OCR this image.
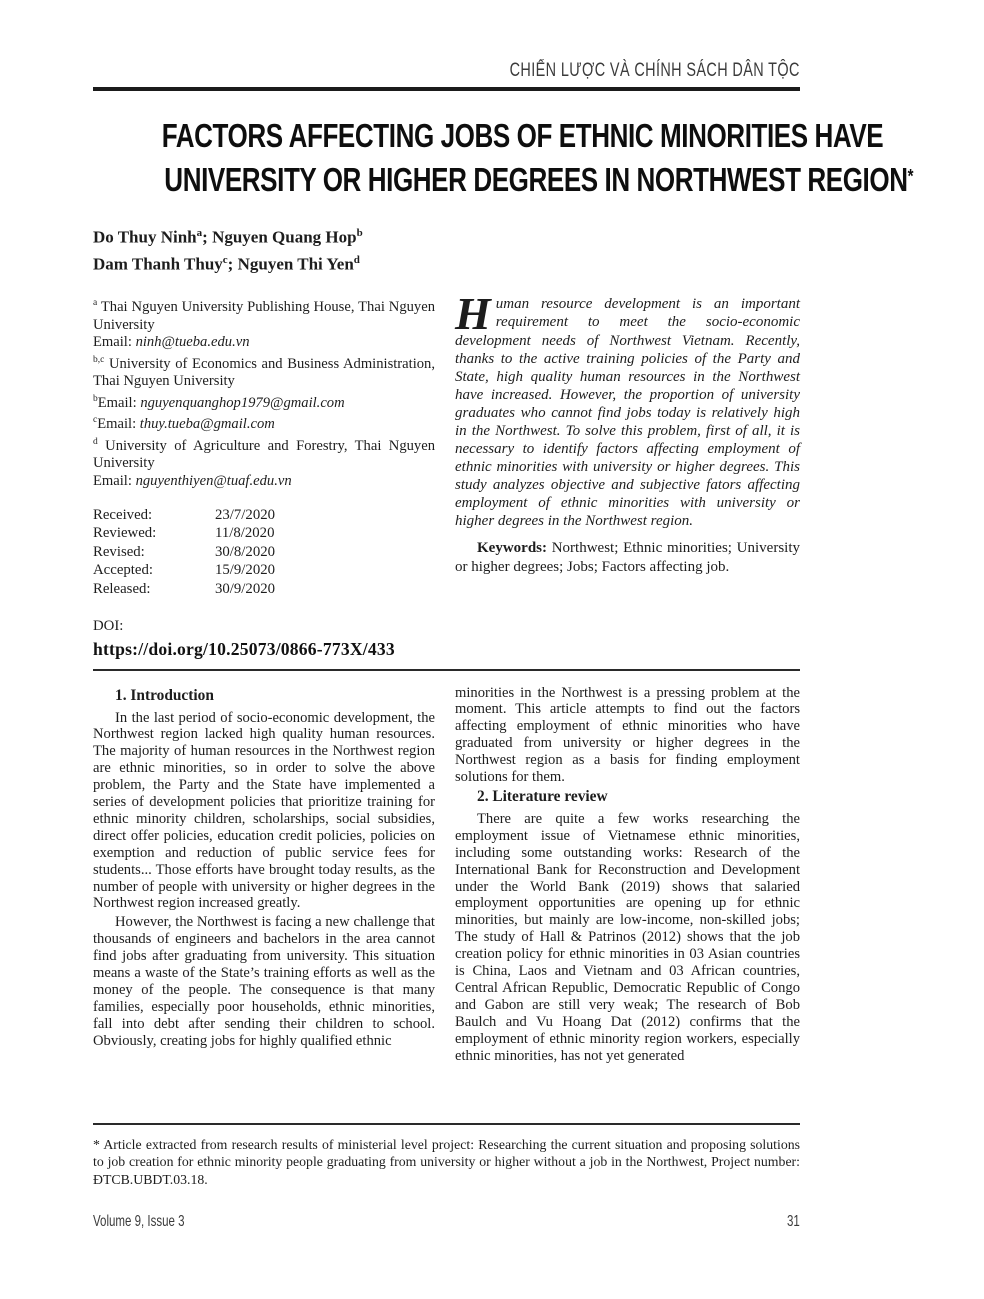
CHIẾN LƯỢC VÀ CHÍNH SÁCH DÂN TỘC
FACTORS AFFECTING JOBS OF ETHNIC MINORITIES HAVE
UNIVERSITY OR HIGHER DEGREES IN NORTHWEST REGION*
Do Thuy Ninh$^a$; Nguyen Quang Hop$^b$
Dam Thanh Thuy$^c$; Nguyen Thi Yen$^d$

$^a$ Thai Nguyen University Publishing House, Thai Nguyen University

Email: ninh@tueba.edu.vn

$^{b,c}$ University of Economics and Business Administration, Thai Nguyen University

$^b$Email: nguyenquanghop1979@gmail.com

$^c$Email: thuy.tueba@gmail.com

$^d$ University of Agriculture and Forestry, Thai Nguyen University

Email: nguyenthiyen@tuaf.edu.vn

Received:	23/7/2020
Reviewed:	11/8/2020
Revised:	30/8/2020
Accepted:	15/9/2020
Released:	30/9/2020
DOI:
https://doi.org/10.25073/0866-773X/433
Human resource development is an important requirement to meet the socio-economic development needs of Northwest Vietnam. Recently, thanks to the active training policies of the Party and State, high quality human resources in the Northwest have increased. However, the proportion of university graduates who cannot find jobs today is relatively high in the Northwest. To solve this problem, first of all, it is necessary to identify factors affecting employment of ethnic minorities with university or higher degrees. This study analyzes objective and subjective fators affecting employment of ethnic minorities with university or higher degrees in the Northwest region.
Keywords: Northwest; Ethnic minorities; University or higher degrees; Jobs; Factors affecting job.
1. Introduction

In the last period of socio-economic development, the Northwest region lacked high quality human resources. The majority of human resources in the Northwest region are ethnic minorities, so in order to solve the above problem, the Party and the State have implemented a series of development policies that prioritize training for ethnic minority children, scholarships, social subsidies, direct offer policies, education credit policies, policies on exemption and reduction of public service fees for students... Those efforts have brought today results, as the number of people with university or higher degrees in the Northwest region increased greatly.

However, the Northwest is facing a new challenge that thousands of engineers and bachelors in the area cannot find jobs after graduating from university. This situation means a waste of the State’s training efforts as well as the money of the people. The consequence is that many families, especially poor households, ethnic minorities, fall into debt after sending their children to school. Obviously, creating jobs for highly qualified ethnic

minorities in the Northwest is a pressing problem at the moment. This article attempts to find out the factors affecting employment of ethnic minorities who have graduated from university or higher degrees in the Northwest region as a basis for finding employment solutions for them.

2. Literature review

There are quite a few works researching the employment issue of Vietnamese ethnic minorities, including some outstanding works: Research of the International Bank for Reconstruction and Development under the World Bank (2019) shows that salaried employment opportunities are opening up for ethnic minorities, but mainly are low-income, non-skilled jobs; The study of Hall & Patrinos (2012) shows that the job creation policy for ethnic minorities in 03 Asian countries is China, Laos and Vietnam and 03 African countries, Central African Republic, Democratic Republic of Congo and Gabon are still very weak; The research of Bob Baulch and Vu Hoang Dat (2012) confirms that the employment of ethnic minority region workers, especially ethnic minorities, has not yet generated

* Article extracted from research results of ministerial level project: Researching the current situation and proposing solutions to job creation for ethnic minority people graduating from university or higher without a job in the Northwest, Project number: ĐTCB.UBDT.03.18.

Volume 9, Issue 3	31
